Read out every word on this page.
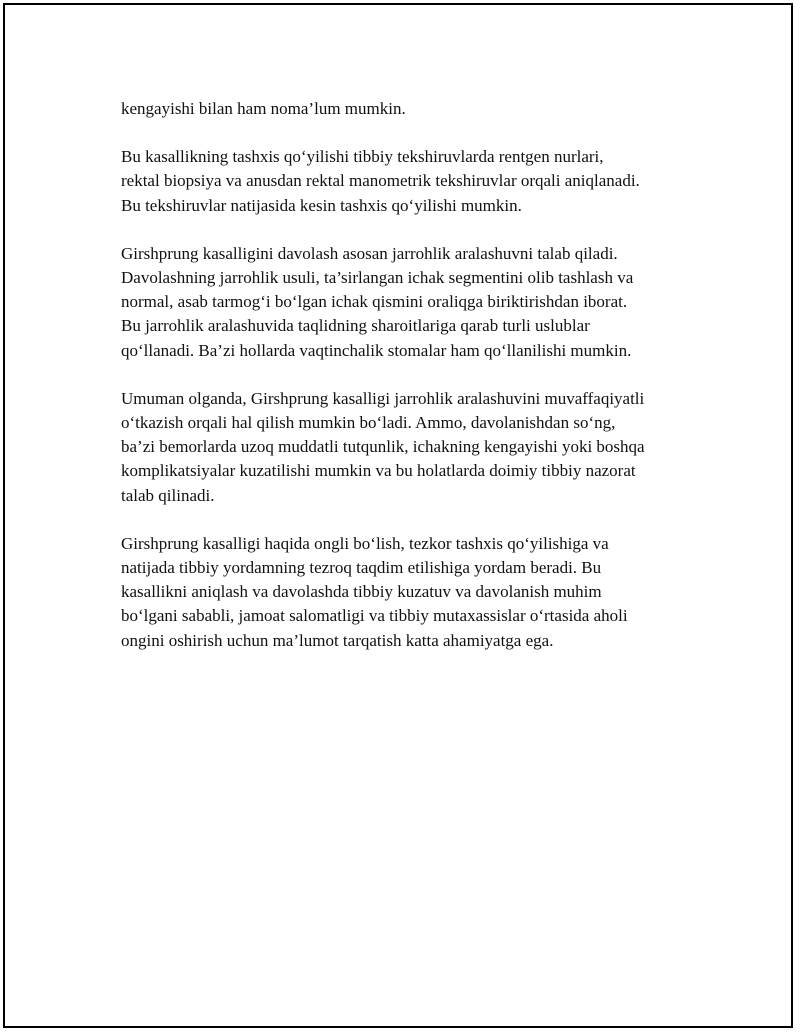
kengayishi bilan ham noma’lum mumkin.

Bu kasallikning tashxis qo‘yilishi tibbiy tekshiruvlarda rentgen nurlari,
rektal biopsiya va anusdan rektal manometrik tekshiruvlar orqali aniqlanadi.
Bu tekshiruvlar natijasida kesin tashxis qo‘yilishi mumkin.

Girshprung kasalligini davolash asosan jarrohlik aralashuvni talab qiladi.
Davolashning jarrohlik usuli, ta’sirlangan ichak segmentini olib tashlash va
normal, asab tarmog‘i bo‘lgan ichak qismini oraliqga biriktirishdan iborat.
Bu jarrohlik aralashuvida taqlidning sharoitlariga qarab turli uslublar
qo‘llanadi. Ba’zi hollarda vaqtinchalik stomalar ham qo‘llanilishi mumkin.

Umuman olganda, Girshprung kasalligi jarrohlik aralashuvini muvaffaqiyatli
o‘tkazish orqali hal qilish mumkin bo‘ladi. Ammo, davolanishdan so‘ng,
ba’zi bemorlarda uzoq muddatli tutqunlik, ichakning kengayishi yoki boshqa
komplikatsiyalar kuzatilishi mumkin va bu holatlarda doimiy tibbiy nazorat
talab qilinadi.

Girshprung kasalligi haqida ongli bo‘lish, tezkor tashxis qo‘yilishiga va
natijada tibbiy yordamning tezroq taqdim etilishiga yordam beradi. Bu
kasallikni aniqlash va davolashda tibbiy kuzatuv va davolanish muhim
bo‘lgani sababli, jamoat salomatligi va tibbiy mutaxassislar o‘rtasida aholi
ongini oshirish uchun ma’lumot tarqatish katta ahamiyatga ega.
